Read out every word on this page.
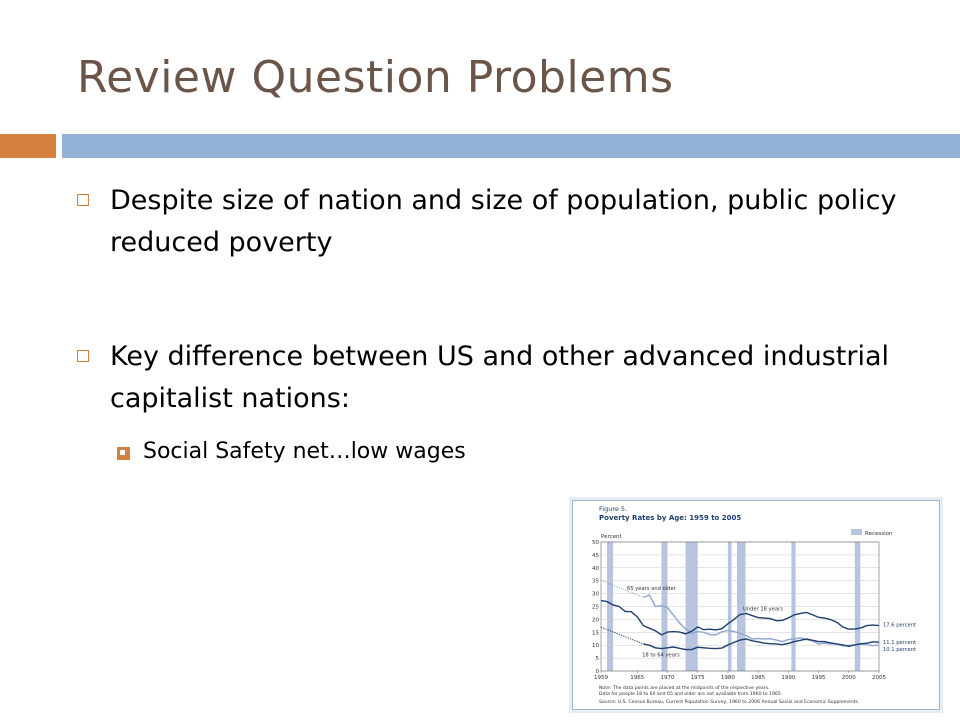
Review Question Problems
Despite size of nation and size of population, public policy reduced poverty
Key difference between US and other advanced industrial capitalist nations:
Social Safety net…low wages
Figure 5.
Poverty Rates by Age: 1959 to 2005
Percent	Recession
0
5
10
15
20
25
30
35
40
45
50
1959	1965	1970	1975	1980	1985	1990	1995	2000	2005
10.1 percent
17.6 percent
11.1 percent
65 years and older
Under 18 years
18 to 64 years
Note: The data points are placed at the midpoints of the respective years.
Data for people 18 to 64 and 65 and older are not available from 1960 to 1965.
Source: U.S. Census Bureau, Current Population Survey, 1960 to 2006 Annual Social and Economic Supplements.
